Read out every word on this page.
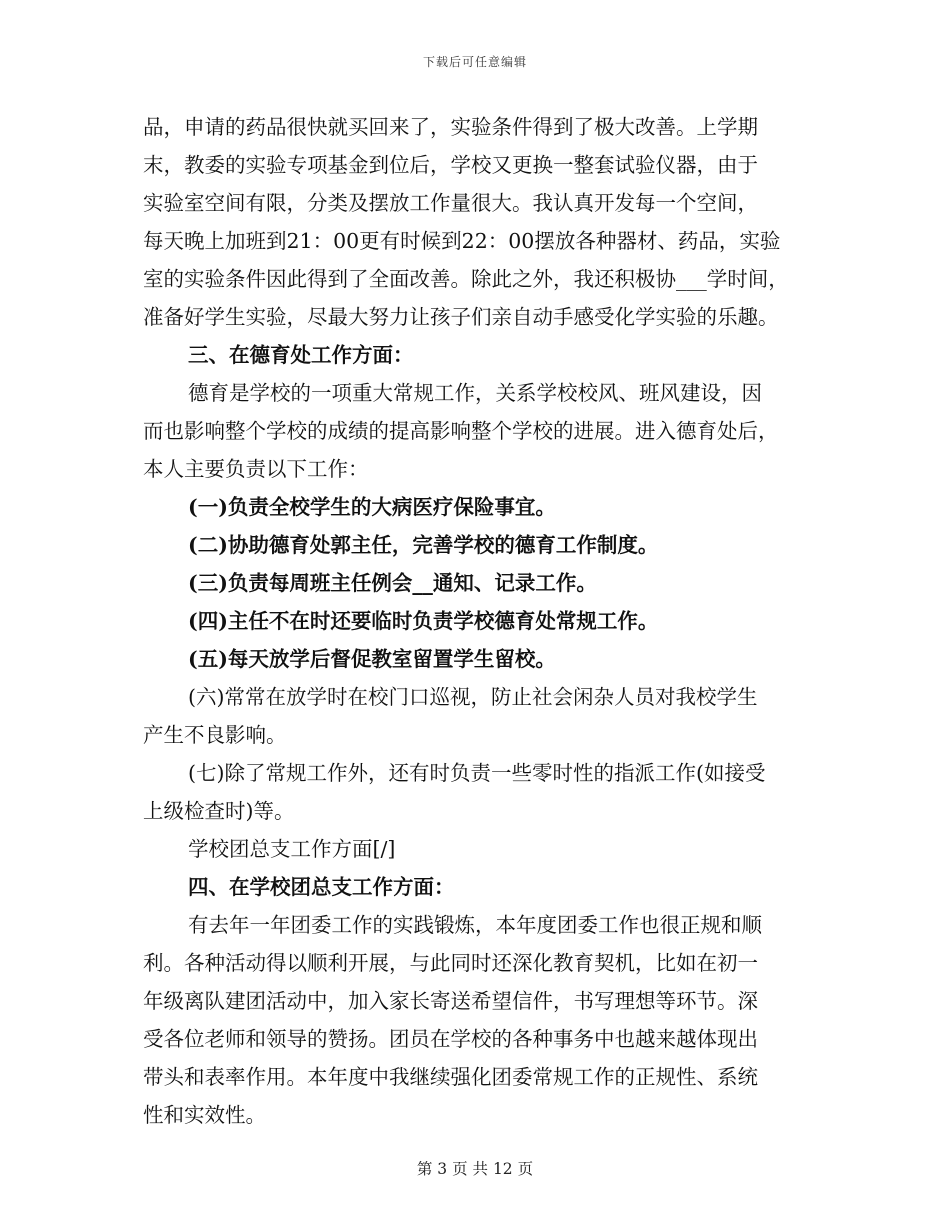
下载后可任意编辑
品，申请的药品很快就买回来了，实验条件得到了极大改善。上学期
末，教委的实验专项基金到位后，学校又更换一整套试验仪器，由于
实验室空间有限，分类及摆放工作量很大。我认真开发每一个空间，
每天晚上加班到21：00更有时候到22：00摆放各种器材、药品，实验
室的实验条件因此得到了全面改善。除此之外，我还积极协___学时间，
准备好学生实验，尽最大努力让孩子们亲自动手感受化学实验的乐趣。
三、在德育处工作方面：
德育是学校的一项重大常规工作，关系学校校风、班风建设，因
而也影响整个学校的成绩的提高影响整个学校的进展。进入德育处后，
本人主要负责以下工作：
(一)负责全校学生的大病医疗保险事宜。
(二)协助德育处郭主任，完善学校的德育工作制度。
(三)负责每周班主任例会__通知、记录工作。
(四)主任不在时还要临时负责学校德育处常规工作。
(五)每天放学后督促教室留置学生留校。
(六)常常在放学时在校门口巡视，防止社会闲杂人员对我校学生
产生不良影响。
(七)除了常规工作外，还有时负责一些零时性的指派工作(如接受
上级检查时)等。
学校团总支工作方面[/]
四、在学校团总支工作方面：
有去年一年团委工作的实践锻炼，本年度团委工作也很正规和顺
利。各种活动得以顺利开展，与此同时还深化教育契机，比如在初一
年级离队建团活动中，加入家长寄送希望信件，书写理想等环节。深
受各位老师和领导的赞扬。团员在学校的各种事务中也越来越体现出
带头和表率作用。本年度中我继续强化团委常规工作的正规性、系统
性和实效性。
第 3 页 共 12 页
